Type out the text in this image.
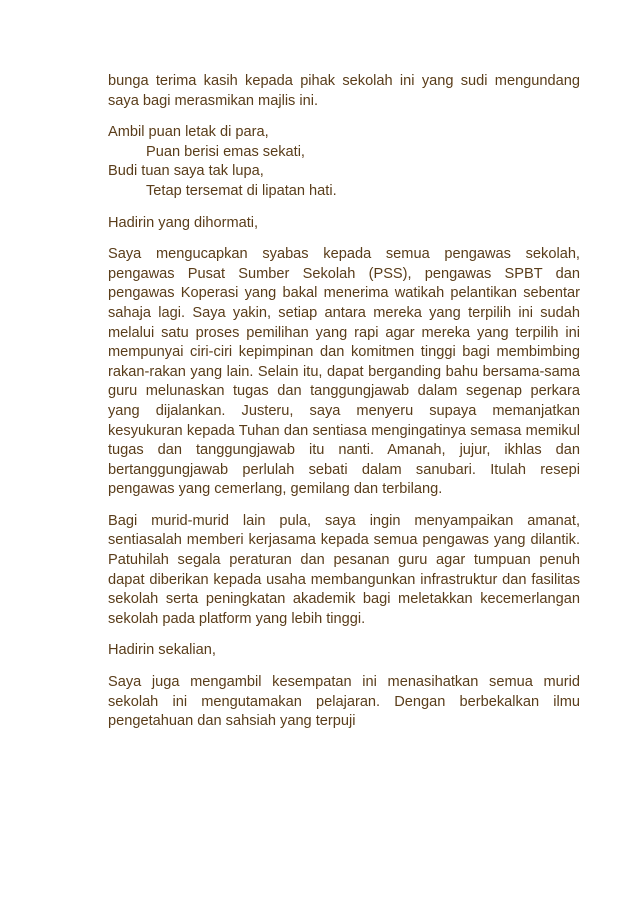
bunga terima kasih kepada pihak sekolah ini yang sudi mengundang saya bagi merasmikan majlis ini.

Ambil puan letak di para,
Puan berisi emas sekati,
Budi tuan saya tak lupa,
Tetap tersemat di lipatan hati.

Hadirin yang dihormati,

Saya mengucapkan syabas kepada semua pengawas sekolah, pengawas Pusat Sumber Sekolah (PSS), pengawas SPBT dan pengawas Koperasi yang bakal menerima watikah pelantikan sebentar sahaja lagi. Saya yakin, setiap antara mereka yang terpilih ini sudah melalui satu proses pemilihan yang rapi agar mereka yang terpilih ini mempunyai ciri-ciri kepimpinan dan komitmen tinggi bagi membimbing rakan-rakan yang lain. Selain itu, dapat berganding bahu bersama-sama guru melunaskan tugas dan tanggungjawab dalam segenap perkara yang dijalankan. Justeru, saya menyeru supaya memanjatkan kesyukuran kepada Tuhan dan sentiasa mengingatinya semasa memikul tugas dan tanggungjawab itu nanti. Amanah, jujur, ikhlas dan bertanggungjawab perlulah sebati dalam sanubari. Itulah resepi pengawas yang cemerlang, gemilang dan terbilang.

Bagi murid-murid lain pula, saya ingin menyampaikan amanat, sentiasalah memberi kerjasama kepada semua pengawas yang dilantik. Patuhilah segala peraturan dan pesanan guru agar tumpuan penuh dapat diberikan kepada usaha membangunkan infrastruktur dan fasilitas sekolah serta peningkatan akademik bagi meletakkan kecemerlangan sekolah pada platform yang lebih tinggi.

Hadirin sekalian,

Saya juga mengambil kesempatan ini menasihatkan semua murid sekolah ini mengutamakan pelajaran. Dengan berbekalkan ilmu pengetahuan dan sahsiah yang terpuji
